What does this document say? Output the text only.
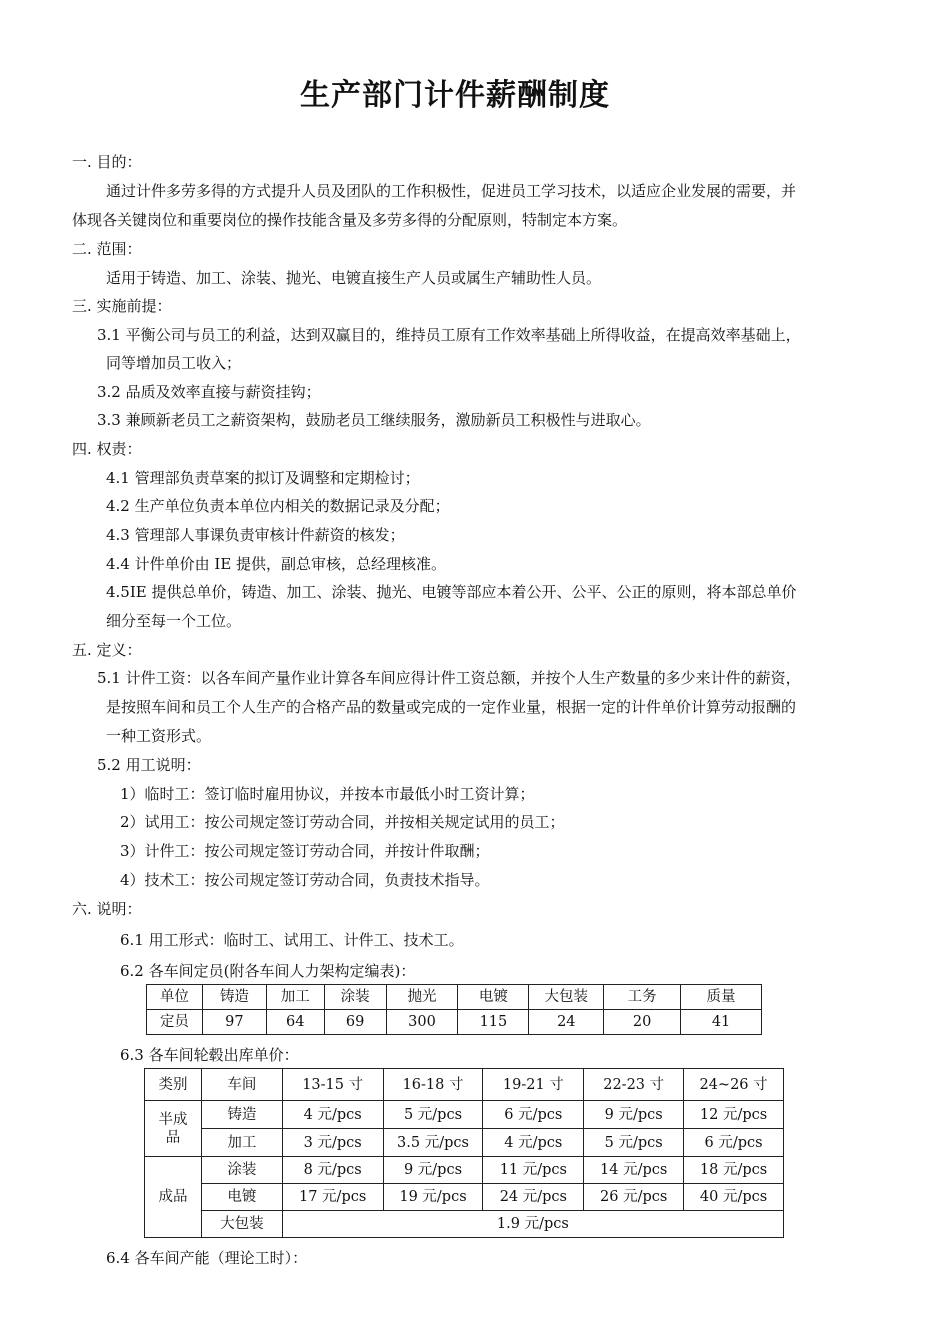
生产部门计件薪酬制度
一. 目的：
通过计件多劳多得的方式提升人员及团队的工作积极性，促进员工学习技术，以适应企业发展的需要，并
体现各关键岗位和重要岗位的操作技能含量及多劳多得的分配原则，特制定本方案。
二. 范围：
适用于铸造、加工、涂装、抛光、电镀直接生产人员或属生产辅助性人员。
三. 实施前提：
3.1 平衡公司与员工的利益，达到双赢目的，维持员工原有工作效率基础上所得收益，在提高效率基础上，
同等增加员工收入；
3.2 品质及效率直接与薪资挂钩；
3.3 兼顾新老员工之薪资架构，鼓励老员工继续服务，激励新员工积极性与进取心。
四. 权责：
4.1 管理部负责草案的拟订及调整和定期检讨；
4.2 生产单位负责本单位内相关的数据记录及分配；
4.3 管理部人事课负责审核计件薪资的核发；
4.4 计件单价由 IE 提供，副总审核，总经理核准。
4.5IE 提供总单价，铸造、加工、涂装、抛光、电镀等部应本着公开、公平、公正的原则，将本部总单价
细分至每一个工位。
五. 定义：
5.1 计件工资：以各车间产量作业计算各车间应得计件工资总额，并按个人生产数量的多少来计件的薪资，
是按照车间和员工个人生产的合格产品的数量或完成的一定作业量，根据一定的计件单价计算劳动报酬的
一种工资形式。
5.2 用工说明：
1）临时工：签订临时雇用协议，并按本市最低小时工资计算；
2）试用工：按公司规定签订劳动合同，并按相关规定试用的员工；
3）计件工：按公司规定签订劳动合同，并按计件取酬；
4）技术工：按公司规定签订劳动合同，负责技术指导。
六. 说明：
6.1 用工形式：临时工、试用工、计件工、技术工。
6.2 各车间定员(附各车间人力架构定编表)：
单位	铸造	加工	涂装	抛光	电镀	大包装	工务	质量
定员	97	64	69	300	115	24	20	41
6.3 各车间轮毂出库单价：
类别	车间	13-15 寸	16-18 寸	19-21 寸	22-23 寸	24~26 寸
半成品	铸造	4 元/pcs	5 元/pcs	6 元/pcs	9 元/pcs	12 元/pcs
	加工	3 元/pcs	3.5 元/pcs	4 元/pcs	5 元/pcs	6 元/pcs
成品	涂装	8 元/pcs	9 元/pcs	11 元/pcs	14 元/pcs	18 元/pcs
	电镀	17 元/pcs	19 元/pcs	24 元/pcs	26 元/pcs	40 元/pcs
	大包装	1.9 元/pcs				
6.4 各车间产能（理论工时）：
